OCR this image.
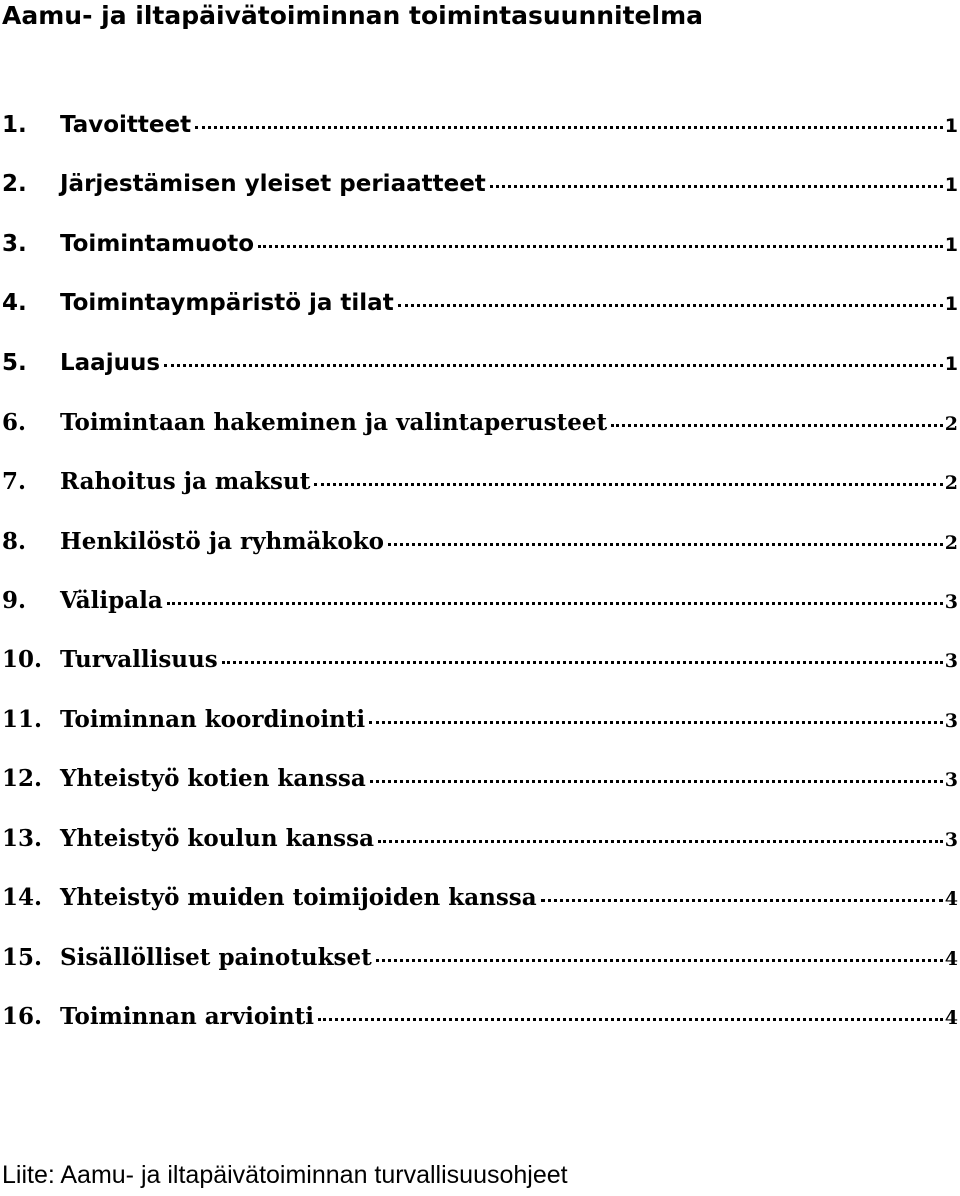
Aamu- ja iltapäivätoiminnan toimintasuunnitelma
1. Tavoitteet	1
2. Järjestämisen yleiset periaatteet	1
3. Toimintamuoto	1
4. Toimintaympäristö ja tilat	1
5. Laajuus	1
6. Toimintaan hakeminen ja valintaperusteet	2
7. Rahoitus ja maksut	2
8. Henkilöstö ja ryhmäkoko	2
9. Välipala	3
10. Turvallisuus	3
11. Toiminnan koordinointi	3
12. Yhteistyö kotien kanssa	3
13. Yhteistyö koulun kanssa	3
14. Yhteistyö muiden toimijoiden kanssa	4
15. Sisällölliset painotukset	4
16. Toiminnan arviointi	4
Liite: Aamu- ja iltapäivätoiminnan turvallisuusohjeet
